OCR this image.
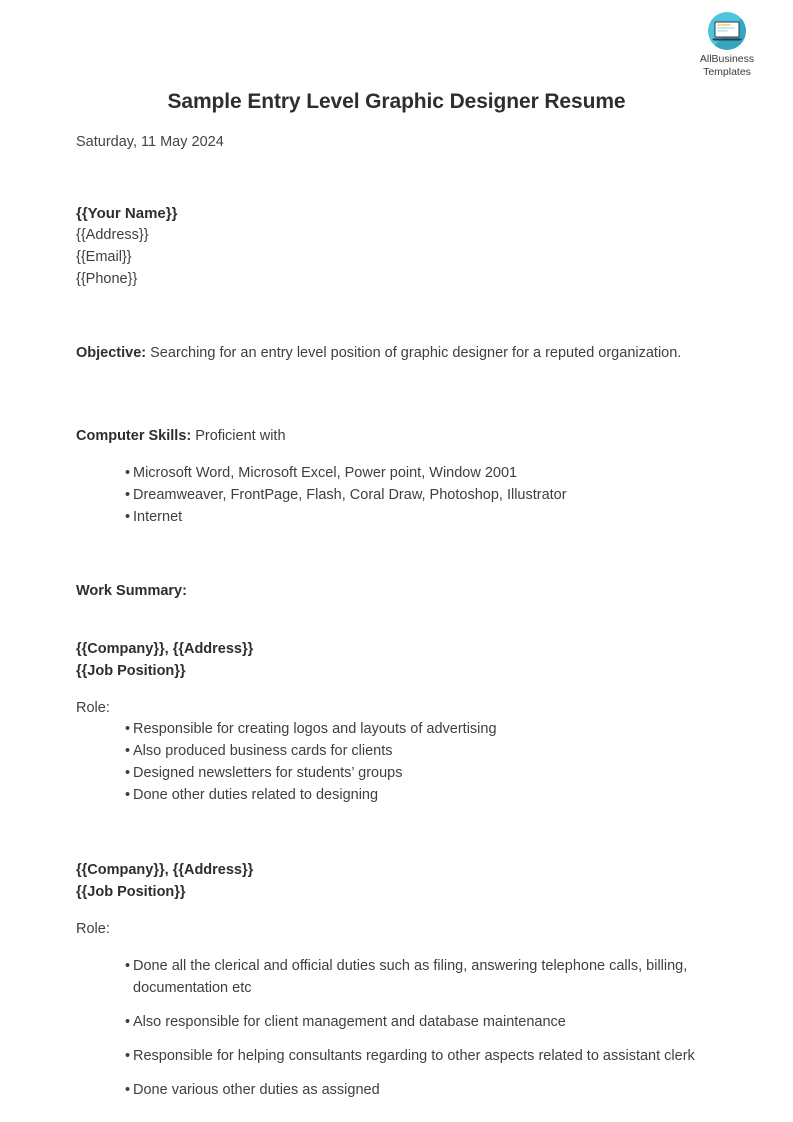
AllBusiness
Templates
Sample Entry Level Graphic Designer Resume

Saturday, 11 May 2024

{{Your Name}}
{{Address}}
{{Email}}
{{Phone}}

Objective: Searching for an entry level position of graphic designer for a reputed organization.

Computer Skills: Proficient with

• Microsoft Word, Microsoft Excel, Power point, Window 2001
• Dreamweaver, FrontPage, Flash, Coral Draw, Photoshop, Illustrator
• Internet

Work Summary:

{{Company}}, {{Address}}
{{Job Position}}
Role:
• Responsible for creating logos and layouts of advertising
• Also produced business cards for clients
• Designed newsletters for students’ groups
• Done other duties related to designing
{{Company}}, {{Address}}
{{Job Position}}
Role:
• Done all the clerical and official duties such as filing, answering telephone calls, billing, documentation etc
• Also responsible for client management and database maintenance
• Responsible for helping consultants regarding to other aspects related to assistant clerk
• Done various other duties as assigned
